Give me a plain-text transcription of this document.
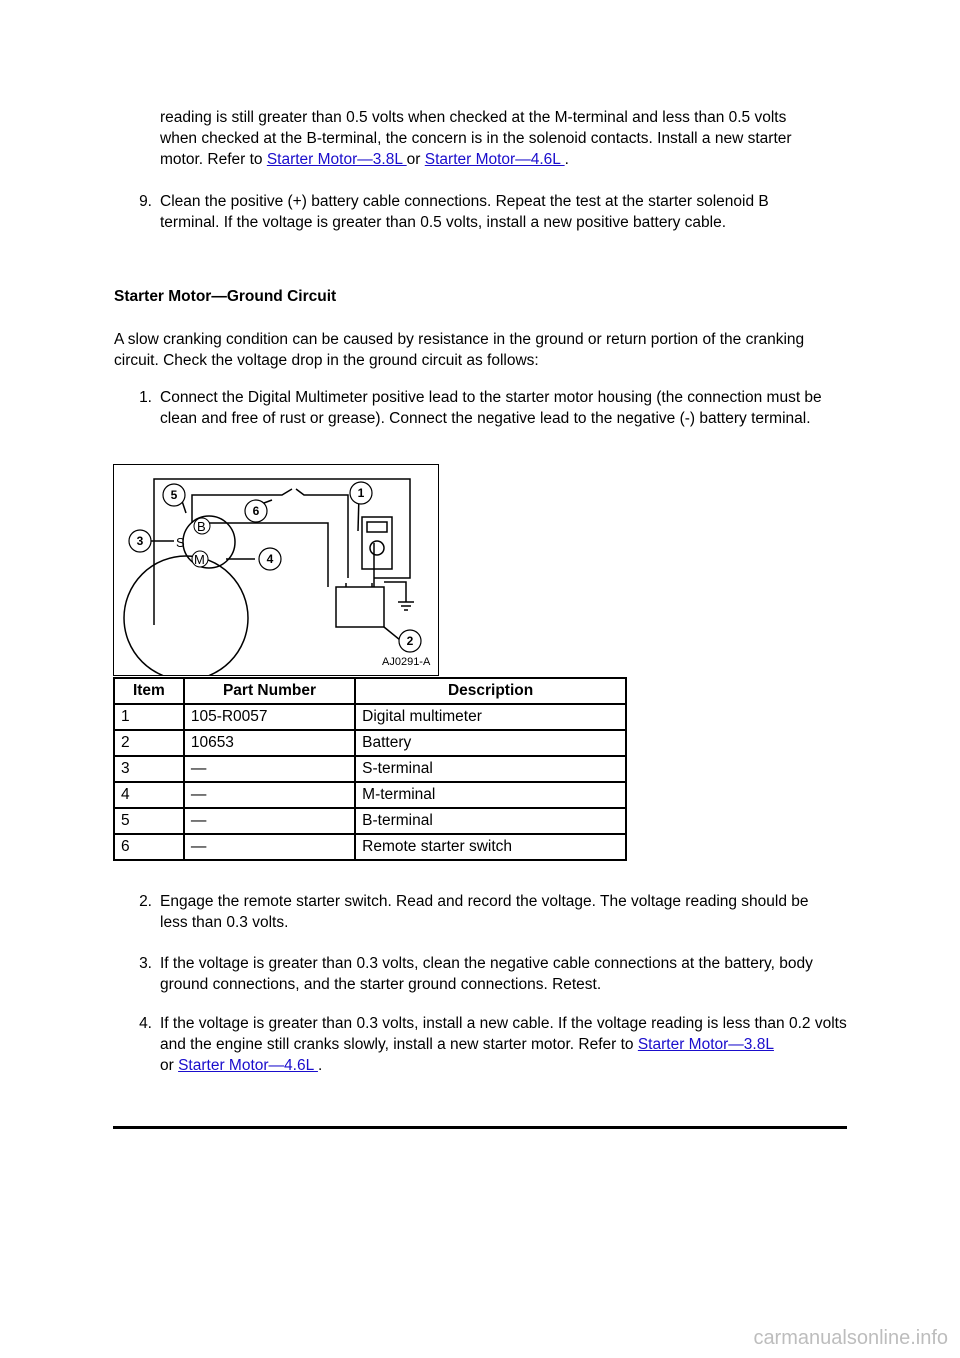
reading is still greater than 0.5 volts when checked at the M-terminal and less than 0.5 volts
when checked at the B-terminal, the concern is in the solenoid contacts. Install a new starter
motor. Refer to Starter Motor—3.8L or Starter Motor—4.6L .
9. Clean the positive (+) battery cable connections. Repeat the test at the starter solenoid B terminal. If the voltage is greater than 0.5 volts, install a new positive battery cable.
Starter Motor—Ground Circuit
A slow cranking condition can be caused by resistance in the ground or return portion of the cranking circuit. Check the voltage drop in the ground circuit as follows:
1. Connect the Digital Multimeter positive lead to the starter motor housing (the connection must be clean and free of rust or grease). Connect the negative lead to the negative (-) battery terminal.
B
S
M
1
2
3
4
5
6
AJ0291-A
Item	Part Number	Description
1	105-R0057	Digital multimeter
2	10653	Battery
3	—	S-terminal
4	—	M-terminal
5	—	B-terminal
6	—	Remote starter switch
2. Engage the remote starter switch. Read and record the voltage. The voltage reading should be less than 0.3 volts.
3. If the voltage is greater than 0.3 volts, clean the negative cable connections at the battery, body ground connections, and the starter ground connections. Retest.
4. If the voltage is greater than 0.3 volts, install a new cable. If the voltage reading is less than 0.2 volts and the engine still cranks slowly, install a new starter motor. Refer to Starter Motor—3.8L
or Starter Motor—4.6L .
carmanualsonline.info
